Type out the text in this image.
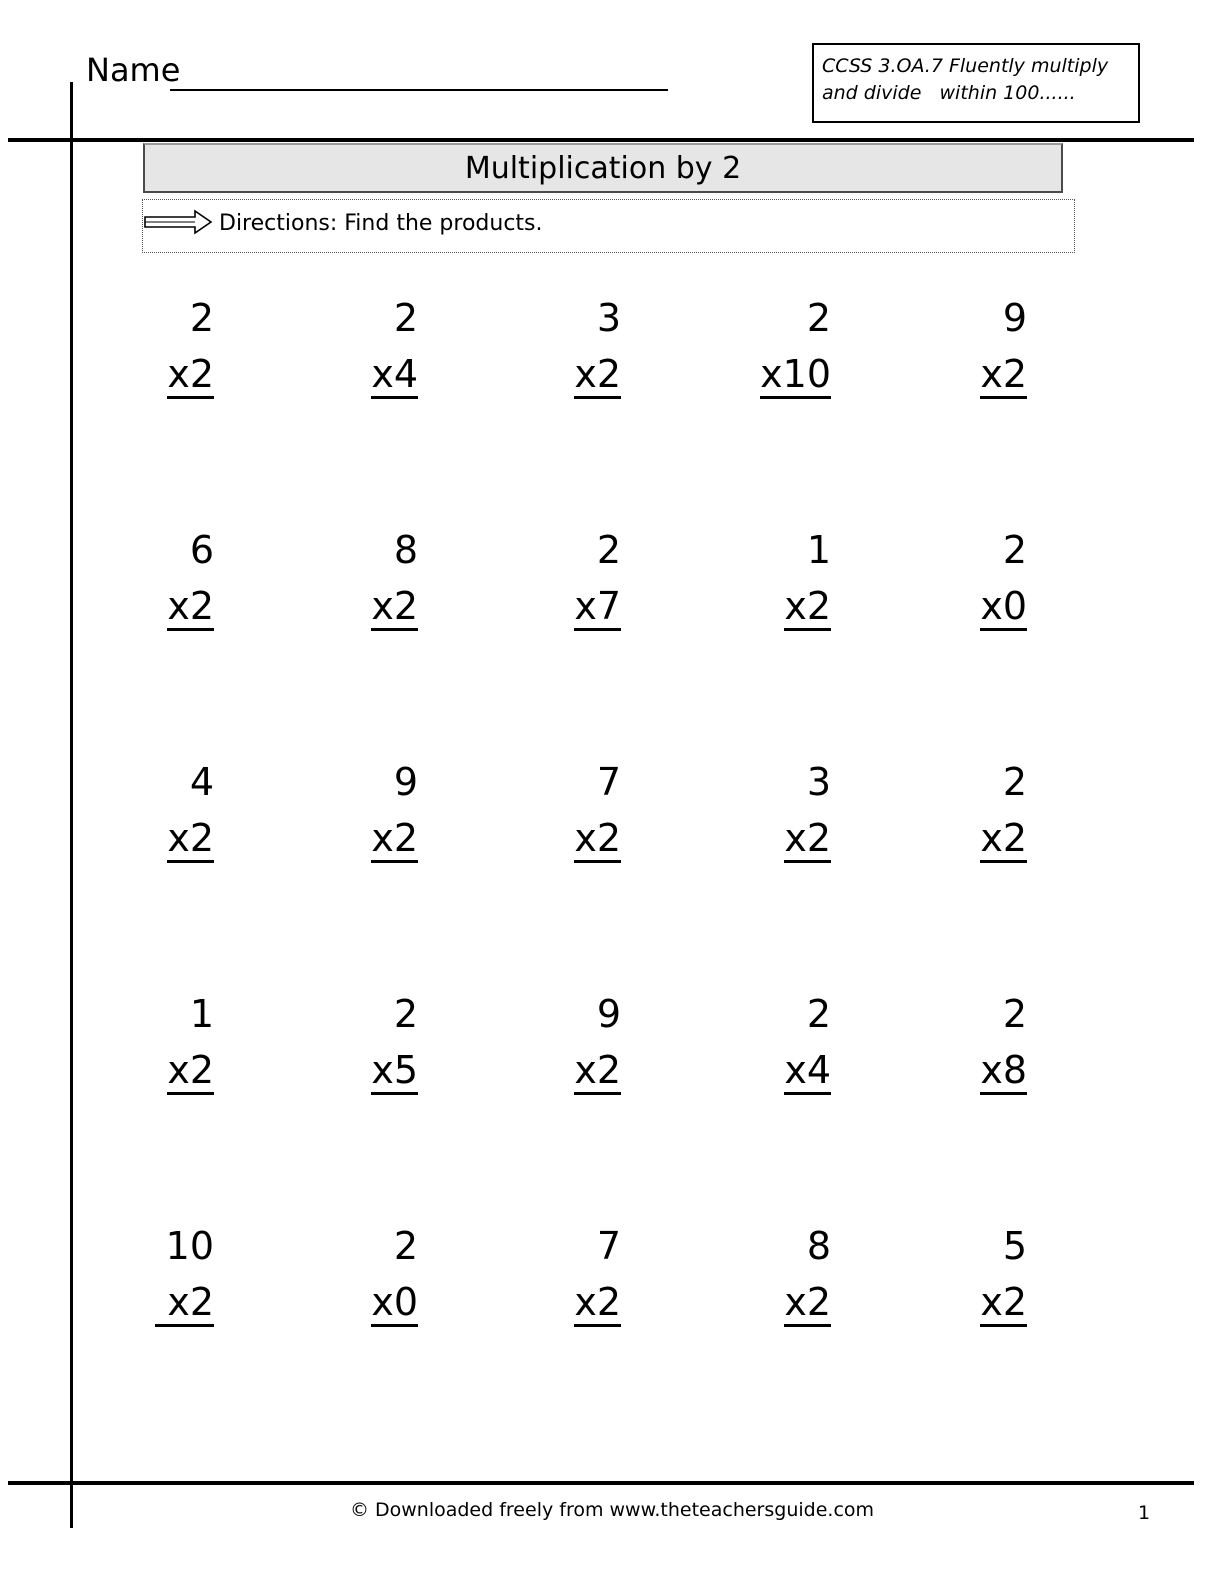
Name	CCSS 3.OA.7 Fluently multiply
and divide   within 100......
Multiplication by 2
Directions: Find the products.
2
x2
2
x4
3
x2
2
x10
9
x2
6
x2
8
x2
2
x7
1
x2
2
x0
4
x2
9
x2
7
x2
3
x2
2
x2
1
x2
2
x5
9
x2
2
x4
2
x8
10
x2
2
x0
7
x2
8
x2
5
x2
© Downloaded freely from www.theteachersguide.com	1
